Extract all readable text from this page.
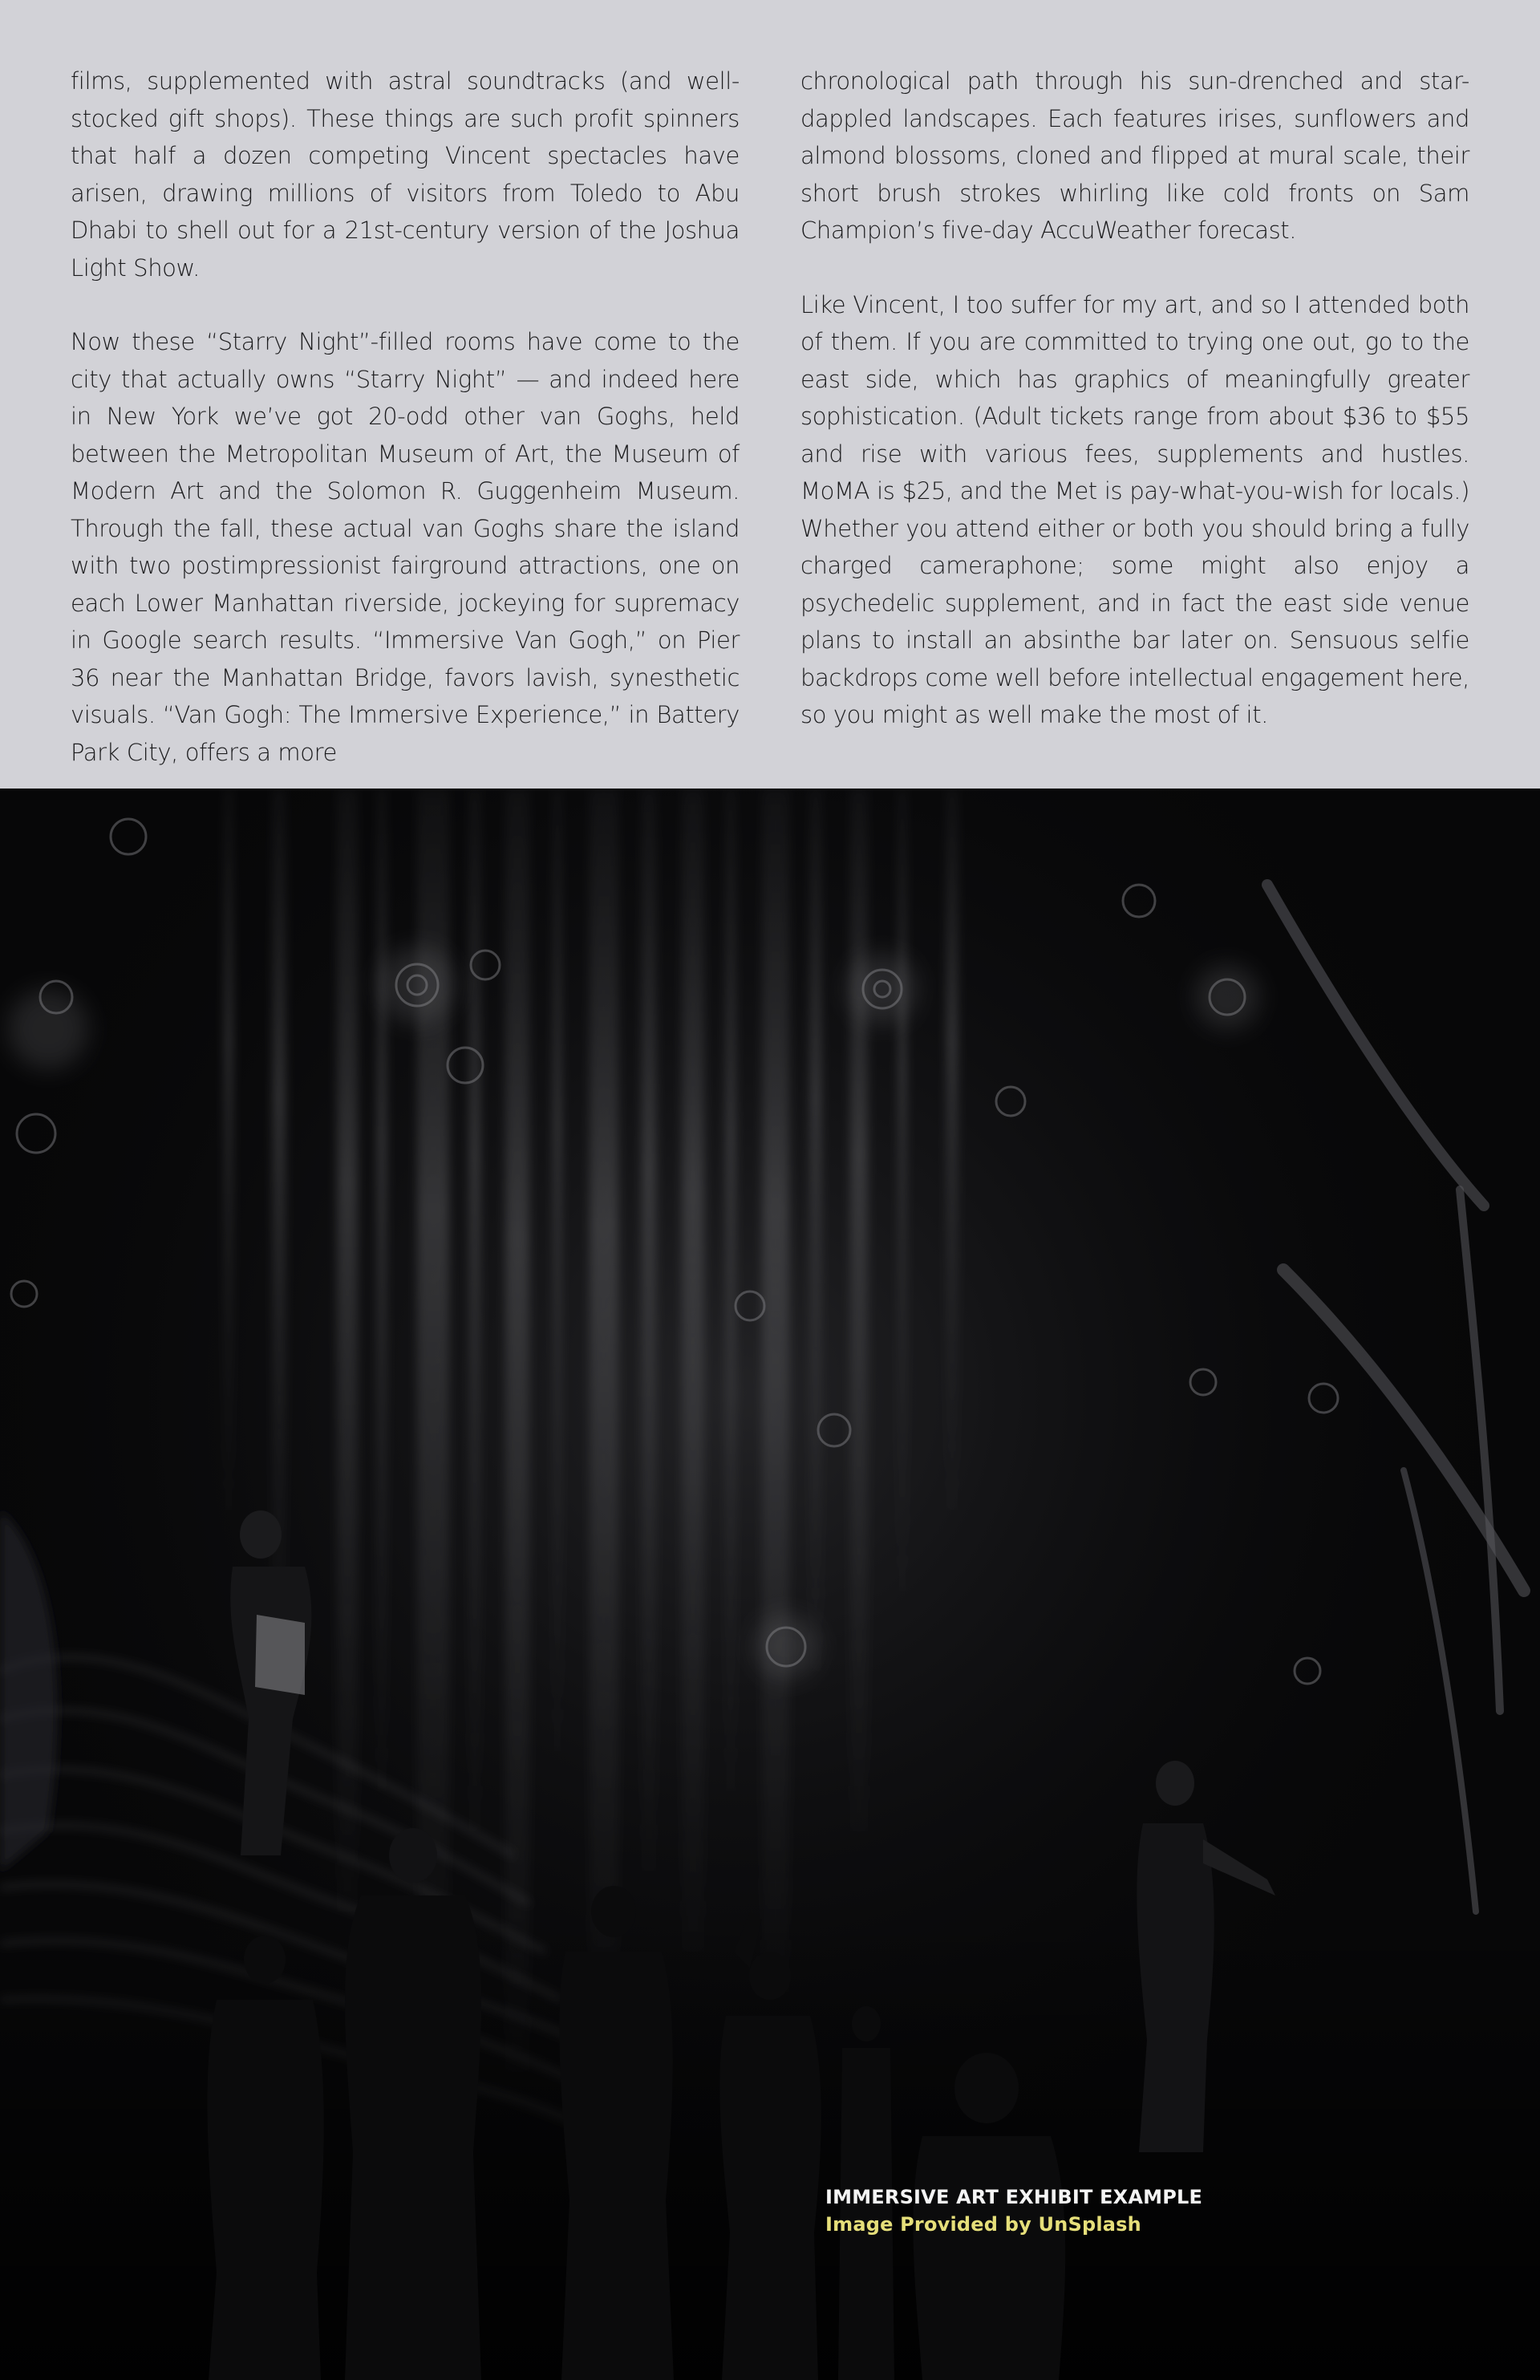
films, supplemented with astral soundtracks (and well-stocked gift shops). These things are such profit spinners that half a dozen competing Vincent spectacles have arisen, drawing millions of visitors from Toledo to Abu Dhabi to shell out for a 21st-century version of the Joshua Light Show.

Now these “Starry Night”-filled rooms have come to the city that actually owns “Starry Night” — and indeed here in New York we’ve got 20-odd other van Goghs, held between the Metropolitan Museum of Art, the Museum of Modern Art and the Solomon R. Guggenheim Museum. Through the fall, these actual van Goghs share the island with two postimpressionist fairground attractions, one on each Lower Manhattan riverside, jockeying for supremacy in Google search results. “Immersive Van Gogh,” on Pier 36 near the Manhattan Bridge, favors lavish, synesthetic visuals. “Van Gogh: The Immersive Experience,” in Battery Park City, offers a more

chronological path through his sun-drenched and star-dappled landscapes. Each features irises, sunflowers and almond blossoms, cloned and flipped at mural scale, their short brush strokes whirling like cold fronts on Sam Champion’s five-day AccuWeather forecast.

Like Vincent, I too suffer for my art, and so I attended both of them. If you are committed to trying one out, go to the east side, which has graphics of meaningfully greater sophistication. (Adult tickets range from about $36 to $55 and rise with various fees, supplements and hustles. MoMA is $25, and the Met is pay-what-you-wish for locals.) Whether you attend either or both you should bring a fully charged cameraphone; some might also enjoy a psychedelic supplement, and in fact the east side venue plans to install an absinthe bar later on. Sensuous selfie backdrops come well before intellectual engagement here, so you might as well make the most of it.

IMMERSIVE ART EXHIBIT EXAMPLE
Image Provided by UnSplash
